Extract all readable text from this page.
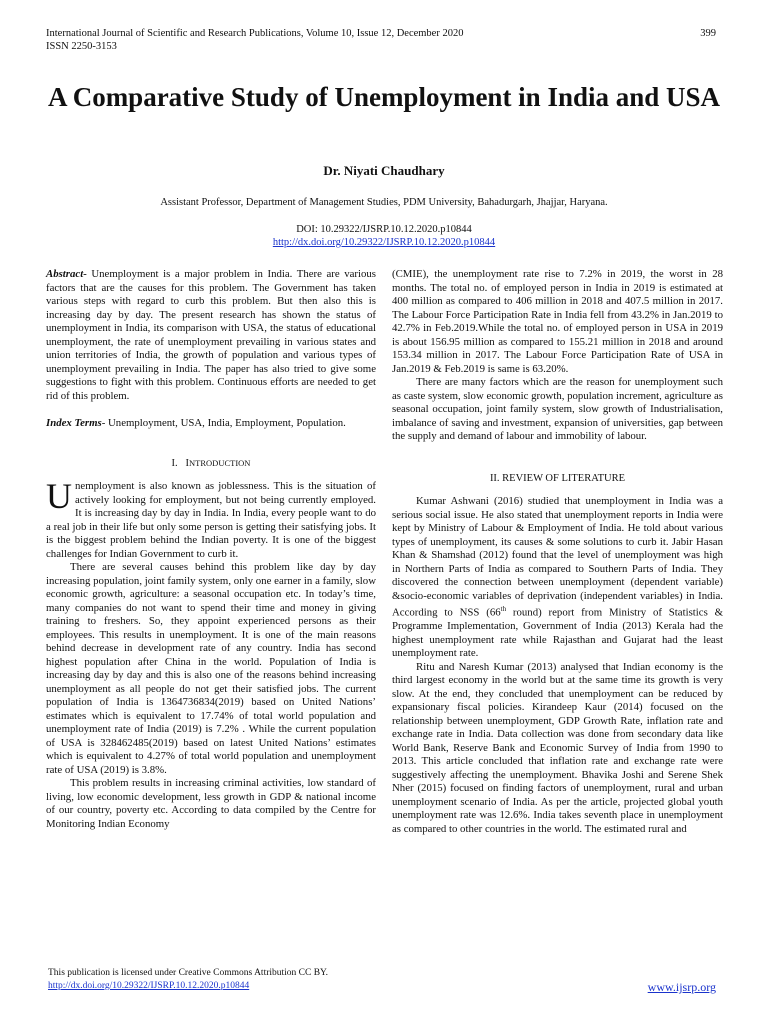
International Journal of Scientific and Research Publications, Volume 10, Issue 12, December 2020
ISSN 2250-3153
399
A Comparative Study of Unemployment in India and USA
Dr. Niyati Chaudhary
Assistant Professor, Department of Management Studies, PDM University, Bahadurgarh, Jhajjar, Haryana.
DOI: 10.29322/IJSRP.10.12.2020.p10844
http://dx.doi.org/10.29322/IJSRP.10.12.2020.p10844

Abstract- Unemployment is a major problem in India. There are various factors that are the causes for this problem. The Government has taken various steps with regard to curb this problem. But then also this is increasing day by day. The present research has shown the status of unemployment in India, its comparison with USA, the status of educational unemployment, the rate of unemployment prevailing in various states and union territories of India, the growth of population and various types of unemployment prevailing in India. The paper has also tried to give some suggestions to fight with this problem. Continuous efforts are needed to get rid of this problem.

Index Terms- Unemployment, USA, India, Employment, Population.

I. INTRODUCTION

Unemployment is also known as joblessness. This is the situation of actively looking for employment, but not being currently employed. It is increasing day by day in India. In India, every people want to do a real job in their life but only some person is getting their satisfying jobs. It is the biggest problem behind the Indian poverty. It is one of the biggest challenges for Indian Government to curb it.

There are several causes behind this problem like day by day increasing population, joint family system, only one earner in a family, slow economic growth, agriculture: a seasonal occupation etc. In today’s time, many companies do not want to spend their time and money in giving training to freshers. So, they appoint experienced persons as their employees. This results in unemployment. It is one of the main reasons behind decrease in development rate of any country. India has second highest population after China in the world. Population of India is increasing day by day and this is also one of the reasons behind increasing unemployment as all people do not get their satisfied jobs. The current population of India is 1364736834(2019) based on United Nations’ estimates which is equivalent to 17.74% of total world population and unemployment rate of India (2019) is 7.2% . While the current population of USA is 328462485(2019) based on latest United Nations’ estimates which is equivalent to 4.27% of total world population and unemployment rate of USA (2019) is 3.8%.

This problem results in increasing criminal activities, low standard of living, low economic development, less growth in GDP & national income of our country, poverty etc. According to data compiled by the Centre for Monitoring Indian Economy

(CMIE), the unemployment rate rise to 7.2% in 2019, the worst in 28 months. The total no. of employed person in India in 2019 is estimated at 400 million as compared to 406 million in 2018 and 407.5 million in 2017. The Labour Force Participation Rate in India fell from 43.2% in Jan.2019 to 42.7% in Feb.2019.While the total no. of employed person in USA in 2019 is about 156.95 million as compared to 155.21 million in 2018 and around 153.34 million in 2017. The Labour Force Participation Rate of USA in Jan.2019 & Feb.2019 is same is 63.20%.

There are many factors which are the reason for unemployment such as caste system, slow economic growth, population increment, agriculture as seasonal occupation, joint family system, slow growth of Industrialisation, imbalance of saving and investment, expansion of universities, gap between the supply and demand of labour and immobility of labour.

II. REVIEW OF LITERATURE

Kumar Ashwani (2016) studied that unemployment in India was a serious social issue. He also stated that unemployment reports in India were kept by Ministry of Labour & Employment of India. He told about various types of unemployment, its causes & some solutions to curb it. Jabir Hasan Khan & Shamshad (2012) found that the level of unemployment was high in Northern Parts of India as compared to Southern Parts of India. They discovered the connection between unemployment (dependent variable) &socio-economic variables of deprivation (independent variables) in India. According to NSS (66th round) report from Ministry of Statistics & Programme Implementation, Government of India (2013) Kerala had the highest unemployment rate while Rajasthan and Gujarat had the least unemployment rate.

Ritu and Naresh Kumar (2013) analysed that Indian economy is the third largest economy in the world but at the same time its growth is very slow. At the end, they concluded that unemployment can be reduced by expansionary fiscal policies. Kirandeep Kaur (2014) focused on the relationship between unemployment, GDP Growth Rate, inflation rate and exchange rate in India. Data collection was done from secondary data like World Bank, Reserve Bank and Economic Survey of India from 1990 to 2013. This article concluded that inflation rate and exchange rate were suggestively affecting the unemployment. Bhavika Joshi and Serene Shek Nher (2015) focused on finding factors of unemployment, rural and urban unemployment scenario of India. As per the article, projected global youth unemployment rate was 12.6%. India takes seventh place in unemployment as compared to other countries in the world. The estimated rural and

This publication is licensed under Creative Commons Attribution CC BY.
http://dx.doi.org/10.29322/IJSRP.10.12.2020.p10844	www.ijsrp.org
